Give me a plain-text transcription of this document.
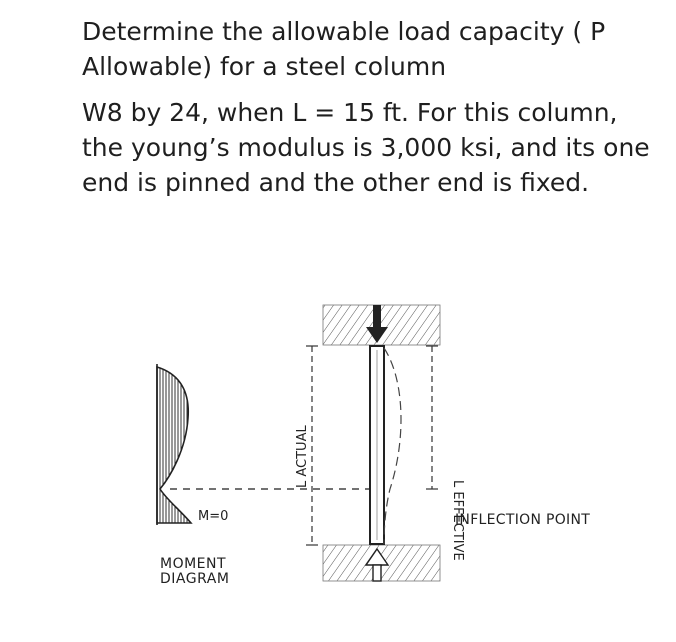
Determine the allowable load capacity ( P Allowable) for a steel column

W8 by 24, when L = 15 ft. For this column, the young’s modulus is 3,000 ksi, and its one end is pinned and the other end is fixed.

M=0
MOMENT
DIAGRAM
L ACTUAL
L EFFECTIVE
INFLECTION POINT
